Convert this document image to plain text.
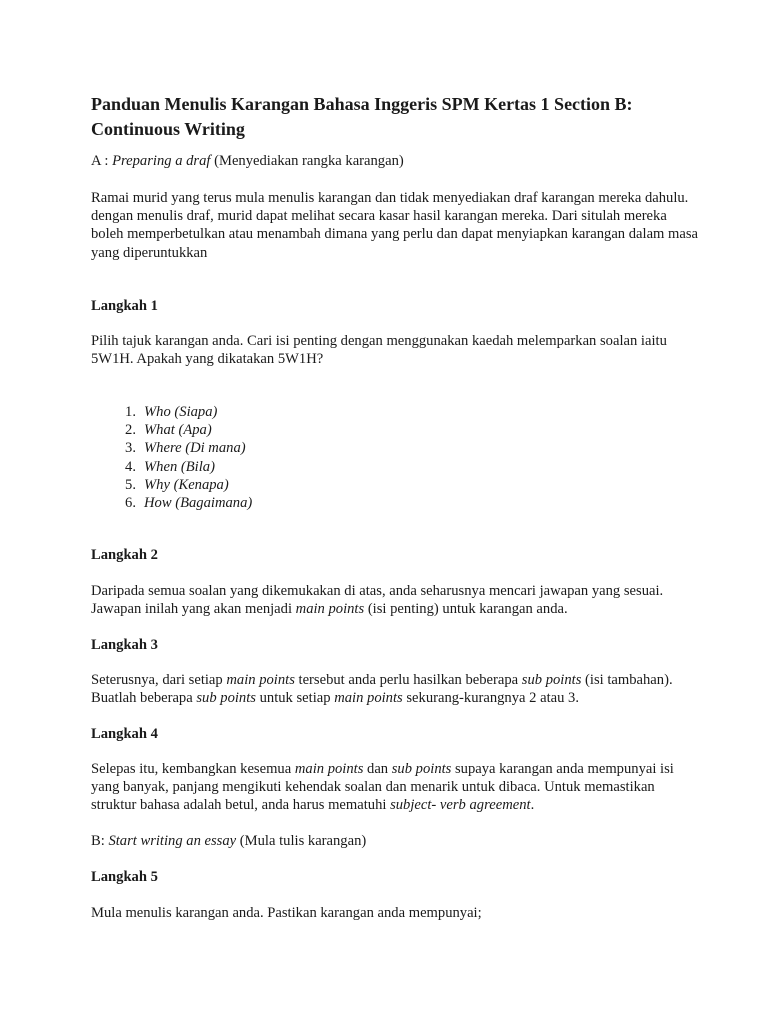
Panduan Menulis Karangan Bahasa Inggeris SPM Kertas 1 Section B:
Continuous Writing

A : Preparing a draf (Menyediakan rangka karangan)

Ramai murid yang terus mula menulis karangan dan tidak menyediakan draf karangan mereka dahulu. dengan menulis draf, murid dapat melihat secara kasar hasil karangan mereka. Dari situlah mereka boleh memperbetulkan atau menambah dimana yang perlu dan dapat menyiapkan karangan dalam masa yang diperuntukkan

Langkah 1

Pilih tajuk karangan anda. Cari isi penting dengan menggunakan kaedah melemparkan soalan iaitu 5W1H. Apakah yang dikatakan 5W1H?

1. Who (Siapa)
2. What (Apa)
3. Where (Di mana)
4. When (Bila)
5. Why (Kenapa)
6. How (Bagaimana)

Langkah 2

Daripada semua soalan yang dikemukakan di atas, anda seharusnya mencari jawapan yang sesuai. Jawapan inilah yang akan menjadi main points (isi penting) untuk karangan anda.

Langkah 3

Seterusnya, dari setiap main points tersebut anda perlu hasilkan beberapa sub points (isi tambahan). Buatlah beberapa sub points untuk setiap main points sekurang-kurangnya 2 atau 3.

Langkah 4

Selepas itu, kembangkan kesemua main points dan sub points supaya karangan anda mempunyai isi yang banyak, panjang mengikuti kehendak soalan dan menarik untuk dibaca. Untuk memastikan struktur bahasa adalah betul, anda harus mematuhi subject- verb agreement.

B: Start writing an essay (Mula tulis karangan)

Langkah 5

Mula menulis karangan anda. Pastikan karangan anda mempunyai;
